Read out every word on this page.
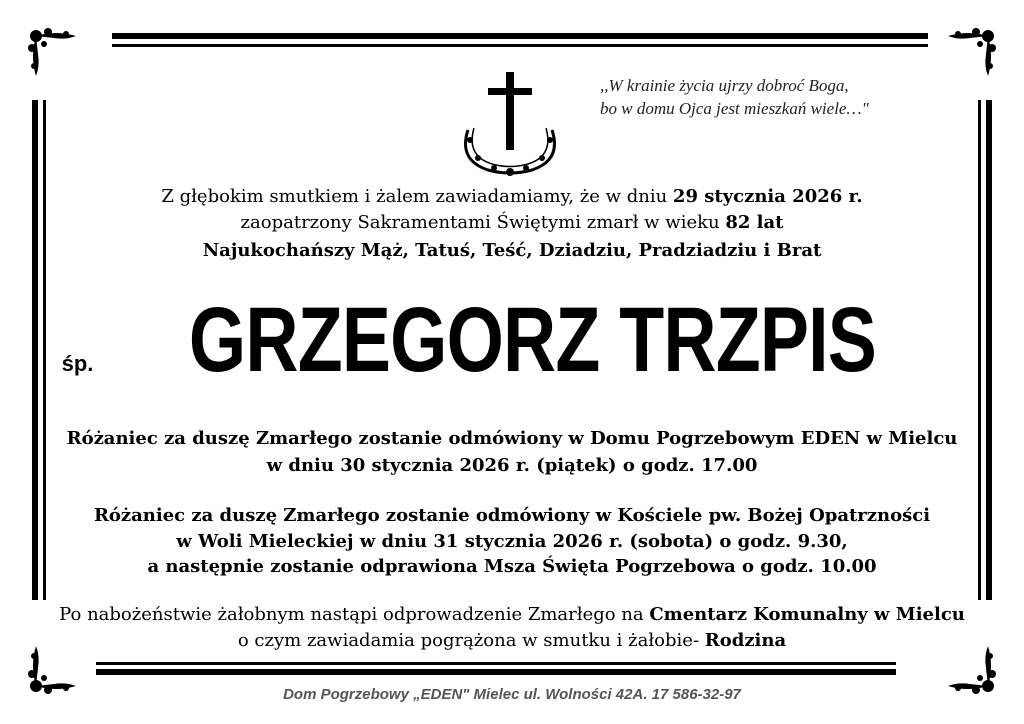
,,W krainie życia ujrzy dobroć Boga,
bo w domu Ojca jest mieszkań wiele…"
Z głębokim smutkiem i żalem zawiadamiamy, że w dniu 29 stycznia 2026 r.
zaopatrzony Sakramentami Świętymi zmarł w wieku 82 lat
Najukochańszy Mąż, Tatuś, Teść, Dziadziu, Pradziadziu i Brat
śp. GRZEGORZ TRZPIS
Różaniec za duszę Zmarłego zostanie odmówiony w Domu Pogrzebowym EDEN w Mielcu
w dniu 30 stycznia 2026 r. (piątek) o godz. 17.00
Różaniec za duszę Zmarłego zostanie odmówiony w Kościele pw. Bożej Opatrzności
w Woli Mieleckiej w dniu 31 stycznia 2026 r. (sobota) o godz. 9.30,
a następnie zostanie odprawiona Msza Święta Pogrzebowa o godz. 10.00
Po nabożeństwie żałobnym nastąpi odprowadzenie Zmarłego na Cmentarz Komunalny w Mielcu
o czym zawiadamia pogrążona w smutku i żałobie- Rodzina
Dom Pogrzebowy „EDEN" Mielec ul. Wolności 42A. 17 586-32-97
